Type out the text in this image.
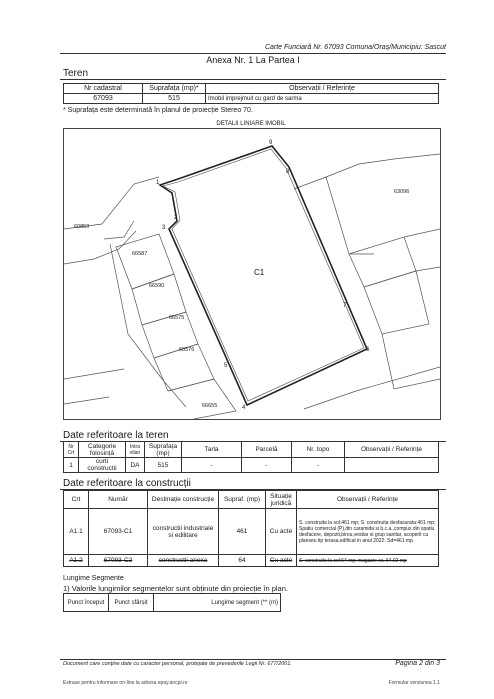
Carte Funciară Nr. 67093 Comuna/Oraș/Municipiu: Sascut
Anexa Nr. 1 La Partea I
Teren
Nr cadastral	Suprafața (mp)*	Observații / Referințe
67093	515	Imobil imprejmuit cu gard de sarma
* Suprafața este determinată în planul de proiecție Stereo 70.
DETALII LINIARE IMOBIL
1
2
3
9
8
7
6
5
4
C1
60859
66587
66590
66575
66576
66655
63096
Date referitoare la teren
Nr Crt	Categorie folosință	Intra vilan	Suprafața (mp)	Tarla	Parcelă	Nr. topo	Observații / Referințe
1	curti constructii	DA	515	-	-	-	
Date referitoare la construcții
Crt	Număr	Destinație construcție	Supraf. (mp)	Situație juridică	Observații / Referințe
A1.1	67093-C1	constructii industriale si edilitare	461	Cu acte	S. construita la sol:461 mp; S. construita desfasurata:461 mp; Spatiu comercial (P),din caramida si b.c.a.,compus din spatiu desfacere, depozit,birou,vestiar si grup sanitar, acoperit cu planseu tip terasa,edificat in anul 2022. Sd=461 mp.
A1.2	67093-C2	constructii anexa	64	Cu acte	S. construita la sol:64 mp; magazie sc. 64.02 mp
Lungime Segmente
1) Valorile lungimilor segmentelor sunt obținute din proiecție în plan.
Punct început	Punct sfârșit	Lungime segment (** (m)
Document care conține date cu caracter personal, protejate de prevederile Legii Nr. 677/2001.	Pagina 2 din 3
Extrase pentru informare on-line la adresa epay.ancpi.ro	Formular versiunea 1.1
